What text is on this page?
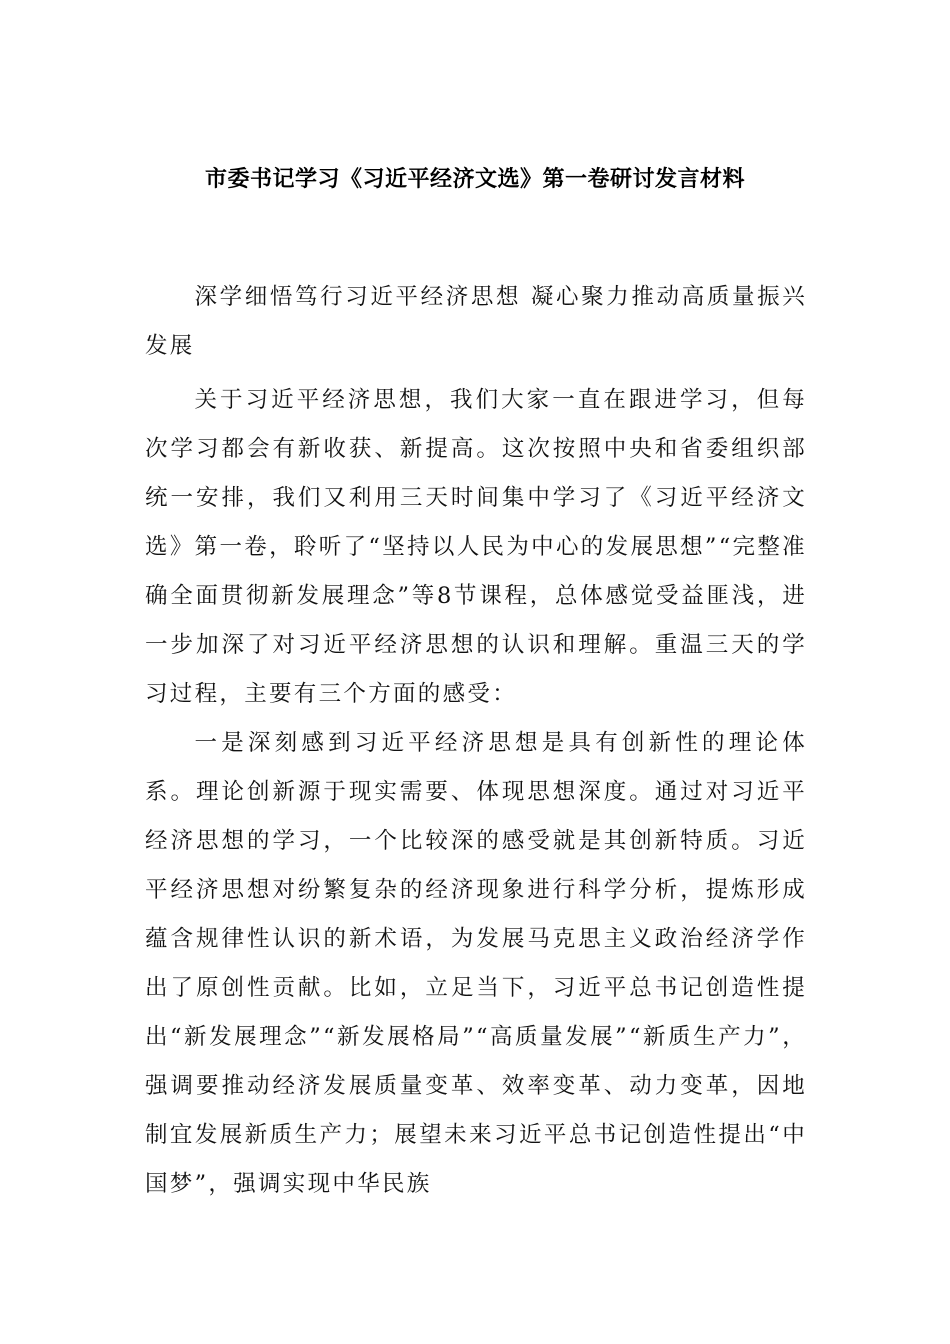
市委书记学习《习近平经济文选》第一卷研讨发言材料

深学细悟笃行习近平经济思想 凝心聚力推动高质量振兴发展

关于习近平经济思想，我们大家一直在跟进学习，但每次学习都会有新收获、新提高。这次按照中央和省委组织部统一安排，我们又利用三天时间集中学习了《习近平经济文选》第一卷，聆听了“坚持以人民为中心的发展思想”“完整准确全面贯彻新发展理念”等8节课程，总体感觉受益匪浅，进一步加深了对习近平经济思想的认识和理解。重温三天的学习过程，主要有三个方面的感受：

一是深刻感到习近平经济思想是具有创新性的理论体系。理论创新源于现实需要、体现思想深度。通过对习近平经济思想的学习，一个比较深的感受就是其创新特质。习近平经济思想对纷繁复杂的经济现象进行科学分析，提炼形成蕴含规律性认识的新术语，为发展马克思主义政治经济学作出了原创性贡献。比如，立足当下，习近平总书记创造性提出“新发展理念”“新发展格局”“高质量发展”“新质生产力”，强调要推动经济发展质量变革、效率变革、动力变革，因地制宜发展新质生产力；展望未来习近平总书记创造性提出“中国梦”，强调实现中华民族
